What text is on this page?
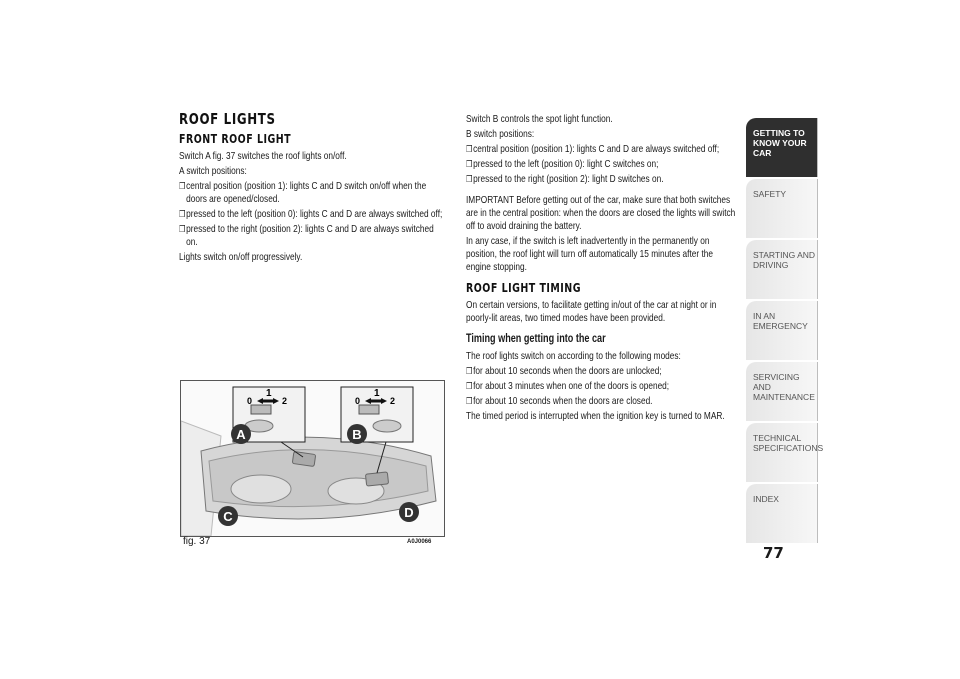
ROOF LIGHTS
FRONT ROOF LIGHT

Switch A fig. 37 switches the roof lights on/off.

A switch positions:

❒ central position (position 1): lights C and D switch on/off when the doors are opened/closed.
❒ pressed to the left (position 0): lights C and D are always switched off;
❒ pressed to the right (position 2): lights C and D are always switched on.

Lights switch on/off progressively.

0
1
2	0
1
2
A	B
C	D
fig. 37	A0J0066

Switch B controls the spot light function.

B switch positions:

❒ central position (position 1): lights C and D are always switched off;
❒ pressed to the left (position 0): light C switches on;
❒ pressed to the right (position 2): light D switches on.

IMPORTANT Before getting out of the car, make sure that both switches are in the central position: when the doors are closed the lights will switch off to avoid draining the battery.

In any case, if the switch is left inadvertently in the permanently on position, the roof light will turn off automatically 15 minutes after the engine stopping.

ROOF LIGHT TIMING

On certain versions, to facilitate getting in/out of the car at night or in poorly-lit areas, two timed modes have been provided.

Timing when getting into the car

The roof lights switch on according to the following modes:

❒ for about 10 seconds when the doors are unlocked;
❒ for about 3 minutes when one of the doors is opened;
❒ for about 10 seconds when the doors are closed.

The timed period is interrupted when the ignition key is turned to MAR.

GETTING TO
KNOW YOUR CAR
SAFETY

STARTING AND
DRIVING
IN AN EMERGENCY

SERVICING AND
MAINTENANCE
TECHNICAL
SPECIFICATIONS
INDEX

77
